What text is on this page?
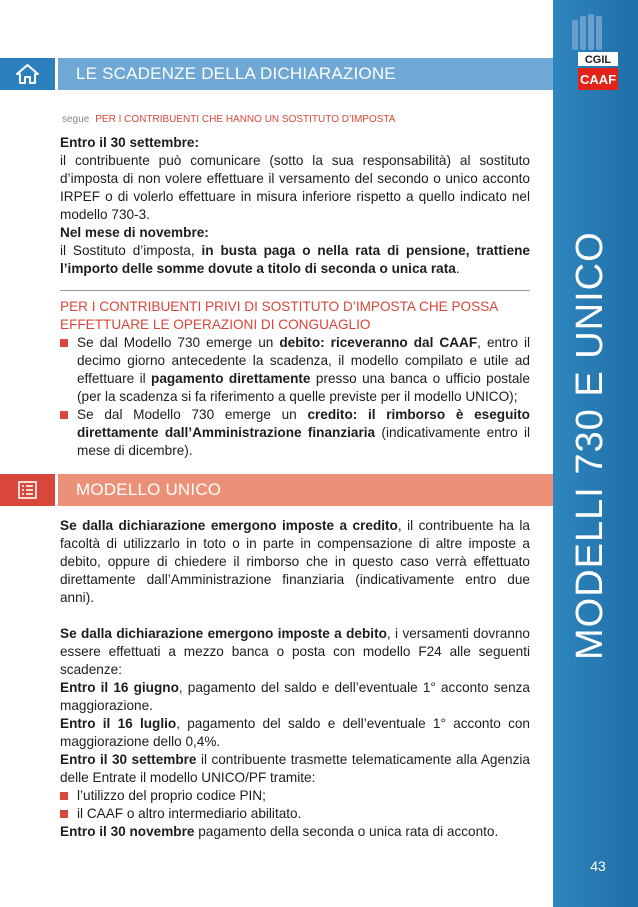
CGIL
CAAF
MODELLI 730 E UNICO
43
LE SCADENZE DELLA DICHIARAZIONE
segue PER I CONTRIBUENTI CHE HANNO UN SOSTITUTO D’IMPOSTA

Entro il 30 settembre:

il contribuente può comunicare (sotto la sua responsabilità) al sostituto d’imposta di non volere effettuare il versamento del secondo o unico acconto IRPEF o di volerlo effettuare in misura inferiore rispetto a quello indicato nel modello 730-3.

Nel mese di novembre:

il Sostituto d’imposta, in busta paga o nella rata di pensione, trattiene l’importo delle somme dovute a titolo di seconda o unica rata.

PER I CONTRIBUENTI PRIVI DI SOSTITUTO D’IMPOSTA CHE POSSA EFFETTUARE LE OPERAZIONI DI CONGUAGLIO
Se dal Modello 730 emerge un debito: riceveranno dal CAAF, entro il decimo giorno antecedente la scadenza, il modello compilato e utile ad effettuare il pagamento direttamente presso una banca o ufficio postale (per la scadenza si fa riferimento a quelle previste per il modello UNICO);
Se dal Modello 730 emerge un credito: il rimborso è eseguito direttamente dall’Amministrazione finanziaria (indicativamente entro il mese di dicembre).
MODELLO UNICO

Se dalla dichiarazione emergono imposte a credito, il contribuente ha la facoltà di utilizzarlo in toto o in parte in compensazione di altre imposte a debito, oppure di chiedere il rimborso che in questo caso verrà effettuato direttamente dall’Amministrazione finanziaria (indicativamente entro due anni).

Se dalla dichiarazione emergono imposte a debito, i versamenti dovranno essere effettuati a mezzo banca o posta con modello F24 alle seguenti scadenze:

Entro il 16 giugno, pagamento del saldo e dell’eventuale 1° acconto senza maggiorazione.

Entro il 16 luglio, pagamento del saldo e dell’eventuale 1° acconto con maggiorazione dello 0,4%.

Entro il 30 settembre il contribuente trasmette telematicamente alla Agenzia delle Entrate il modello UNICO/PF tramite:

l’utilizzo del proprio codice PIN;
il CAAF o altro intermediario abilitato.

Entro il 30 novembre pagamento della seconda o unica rata di acconto.
